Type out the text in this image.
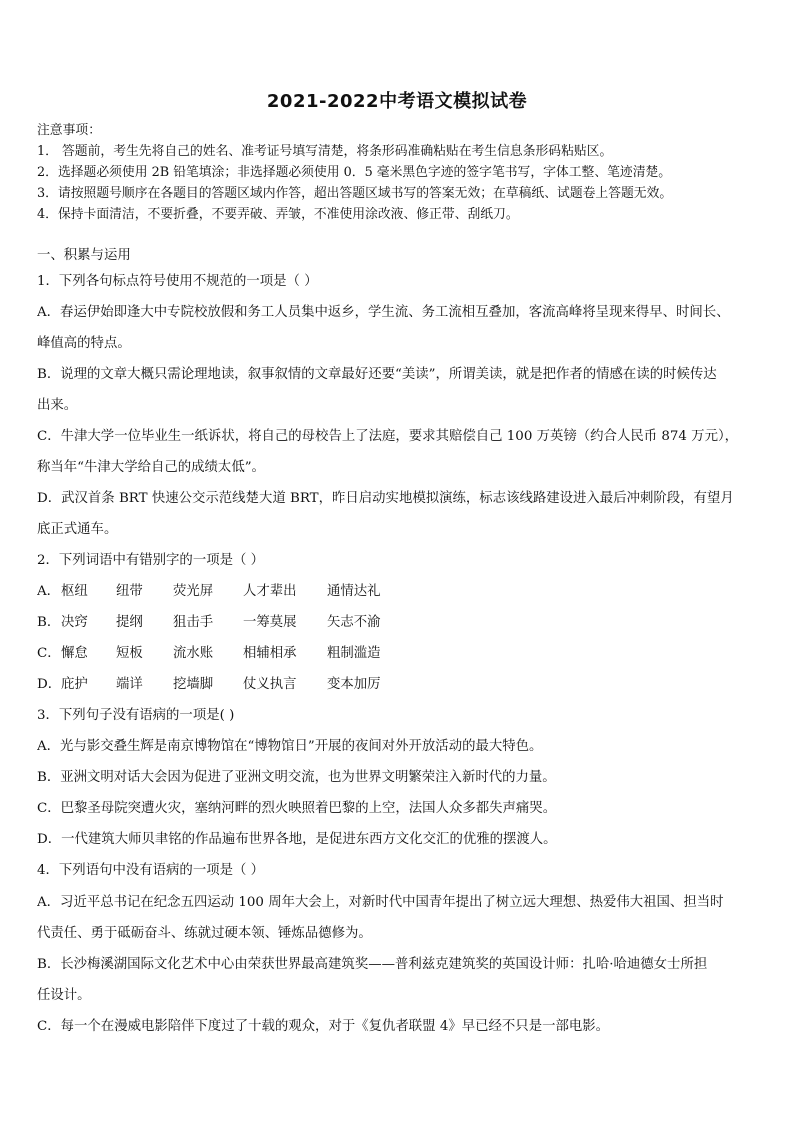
2021-2022中考语文模拟试卷
注意事项：
1． 答题前，考生先将自己的姓名、准考证号填写清楚，将条形码准确粘贴在考生信息条形码粘贴区。
2．选择题必须使用 2B 铅笔填涂；非选择题必须使用 0．5 毫米黑色字迹的签字笔书写，字体工整、笔迹清楚。
3．请按照题号顺序在各题目的答题区域内作答，超出答题区域书写的答案无效；在草稿纸、试题卷上答题无效。
4．保持卡面清洁，不要折叠，不要弄破、弄皱，不准使用涂改液、修正带、刮纸刀。
一、积累与运用
1．下列各句标点符号使用不规范的一项是（ ）
A．春运伊始即逢大中专院校放假和务工人员集中返乡，学生流、务工流相互叠加，客流高峰将呈现来得早、时间长、
峰值高的特点。
B．说理的文章大概只需论理地读，叙事叙情的文章最好还要“美读”，所谓美读，就是把作者的情感在读的时候传达
出来。
C．牛津大学一位毕业生一纸诉状，将自己的母校告上了法庭，要求其赔偿自己 100 万英镑（约合人民币 874 万元），
称当年“牛津大学给自己的成绩太低”。
D．武汉首条 BRT 快速公交示范线楚大道 BRT，昨日启动实地模拟演练，标志该线路建设进入最后冲刺阶段，有望月
底正式通车。
2．下列词语中有错别字的一项是（ ）
A．枢纽 纽带 荧光屏 人才辈出 通情达礼
B．决窍 提纲 狙击手 一筹莫展 矢志不渝
C．懈怠 短板 流水账 相辅相承 粗制滥造
D．庇护 端详 挖墙脚 仗义执言 变本加厉
3．下列句子没有语病的一项是( )
A．光与影交叠生辉是南京博物馆在“博物馆日”开展的夜间对外开放活动的最大特色。
B．亚洲文明对话大会因为促进了亚洲文明交流，也为世界文明繁荣注入新时代的力量。
C．巴黎圣母院突遭火灾，塞纳河畔的烈火映照着巴黎的上空，法国人众多都失声痛哭。
D．一代建筑大师贝聿铭的作品遍布世界各地，是促进东西方文化交汇的优雅的摆渡人。
4．下列语句中没有语病的一项是（ ）
A．习近平总书记在纪念五四运动 100 周年大会上，对新时代中国青年提出了树立远大理想、热爱伟大祖国、担当时
代责任、勇于砥砺奋斗、练就过硬本领、锤炼品德修为。
B．长沙梅溪湖国际文化艺术中心由荣获世界最高建筑奖——普利兹克建筑奖的英国设计师：扎哈·哈迪德女士所担
任设计。
C．每一个在漫威电影陪伴下度过了十载的观众，对于《复仇者联盟 4》早已经不只是一部电影。
